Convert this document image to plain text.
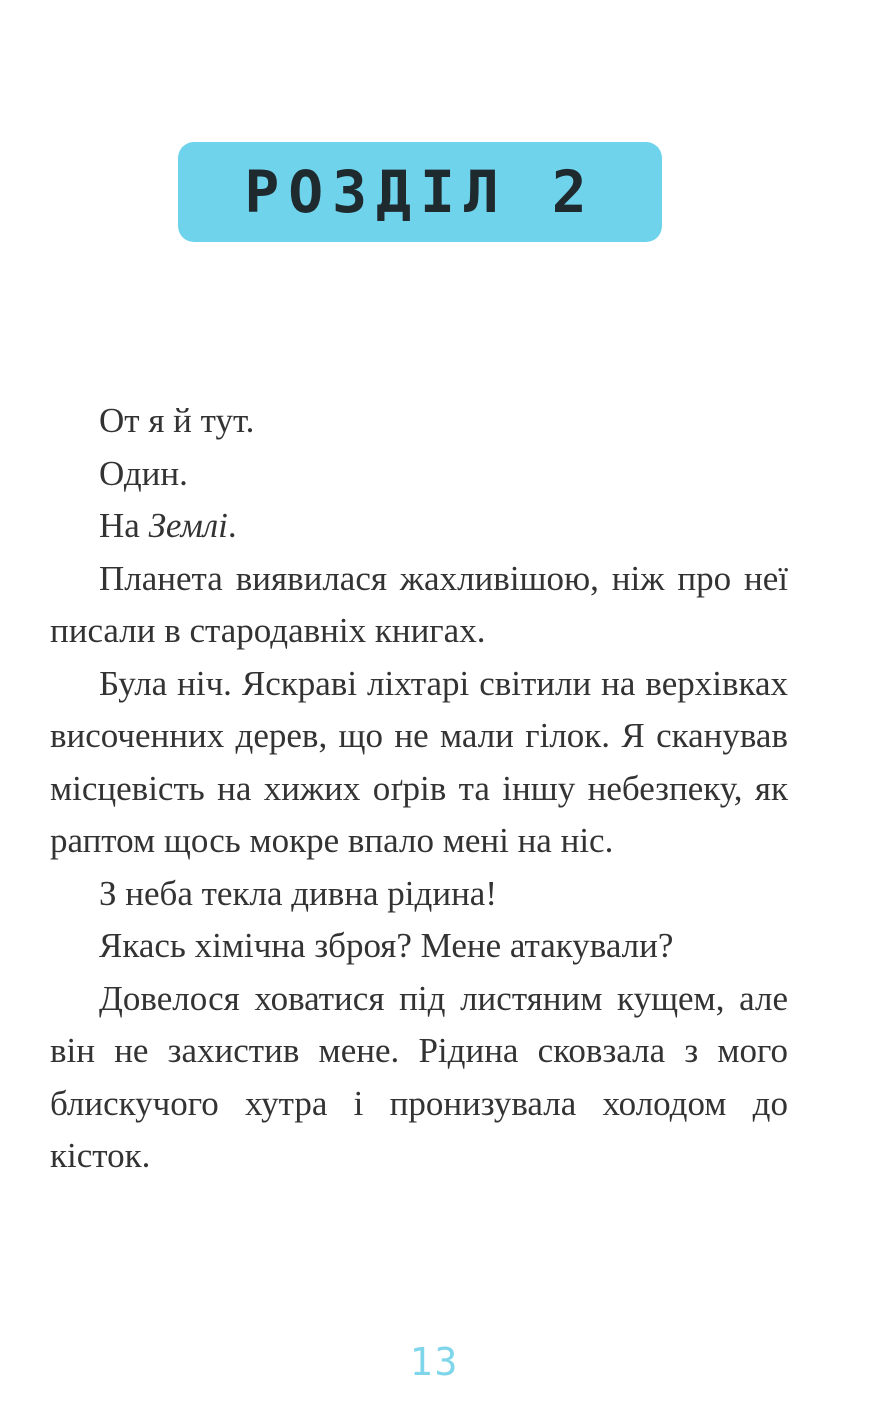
РОЗДІЛ 2

От я й тут.

Один.

На Землі.

Планета виявилася жахливішою, ніж про неї писали в стародавніх книгах.

Була ніч. Яскраві ліхтарі світили на верхівках височенних дерев, що не мали гілок. Я сканував місцевість на хижих оґрів та іншу небезпеку, як раптом щось мокре впало мені на ніс.

З неба текла дивна рідина!

Якась хімічна зброя? Мене атакували?

Довелося ховатися під листяним кущем, але він не захистив мене. Рідина сковзала з мого блискучого хутра і пронизувала холодом до кісток.

13
